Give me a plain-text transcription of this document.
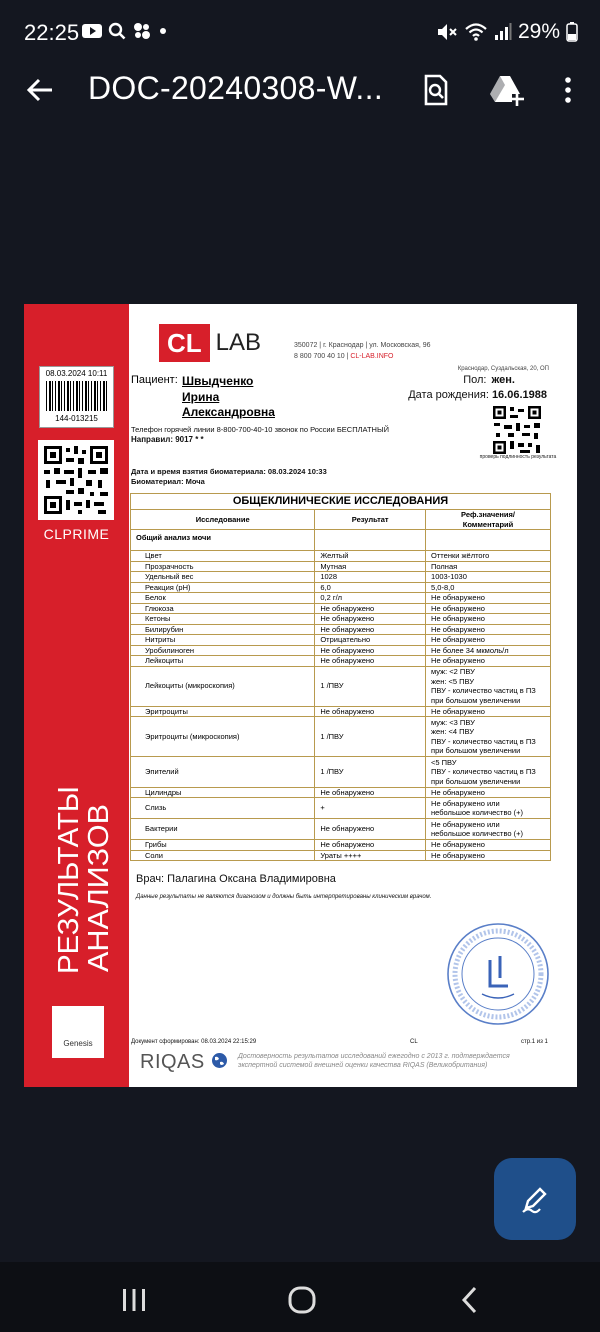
22:25	29%
DOC-20240308-W...
08.03.2024 10:11
144-013215
CLPRIME
РЕЗУЛЬТАТЫ
АНАЛИЗОВ
Genesis
CL LAB	350072 | г. Краснодар | ул. Московская, 96
8 800 700 40 10 | CL-LAB.INFO
Краснодар, Суздальская, 20, ОП
Пациент: Швыдченко
Ирина
Александровна
Пол: жен.
Дата рождения: 16.06.1988
проверь подлинность результата
Телефон горячей линии 8-800-700-40-10 звонок по России БЕСПЛАТНЫЙ
Направил: 9017 * *
Дата и время взятия биоматериала: 08.03.2024 10:33
Биоматериал: Моча
ОБЩЕКЛИНИЧЕСКИЕ ИССЛЕДОВАНИЯ		
Исследование	Результат	Реф.значения/
Комментарий

Общий анализ мочи		

Цвет	Желтый	Оттенки жёлтого

Прозрачность	Мутная	Полная

Удельный вес	1028	1003-1030

Реакция (pH)	6,0	5,0-8,0

Белок	0,2 г/л	Не обнаружено

Глюкоза	Не обнаружено	Не обнаружено

Кетоны	Не обнаружено	Не обнаружено

Билирубин	Не обнаружено	Не обнаружено

Нитриты	Отрицательно	Не обнаружено

Уробилиноген	Не обнаружено	Не более 34 мкмоль/л

Лейкоциты	Не обнаружено	Не обнаружено

Лейкоциты (микроскопия)	1 /ПВУ	муж: <2 ПВУ
жен: <5 ПВУ
ПВУ - количество частиц в ПЗ
при большом увеличении

Эритроциты	Не обнаружено	Не обнаружено

Эритроциты (микроскопия)	1 /ПВУ	муж: <3 ПВУ
жен: <4 ПВУ
ПВУ - количество частиц в ПЗ
при большом увеличении

Эпителий	1 /ПВУ	<5 ПВУ
ПВУ - количество частиц в ПЗ
при большом увеличении

Цилиндры	Не обнаружено	Не обнаружено

Слизь	+	Не обнаружено или
небольшое количество (+)

Бактерии	Не обнаружено	Не обнаружено или
небольшое количество (+)

Грибы	Не обнаружено	Не обнаружено

Соли	Ураты ++++	Не обнаружено
Врач: Палагина Оксана Владимировна
Данные результаты не являются диагнозом и должны быть интерпретированы клиническим врачом.
Документ сформирован: 08.03.2024 22:15:29	CL	стр.1 из 1
RIQAS	Достоверность результатов исследований ежегодно с 2013 г. подтверждается экспертной системой внешней оценки качества RIQAS (Великобритания)
